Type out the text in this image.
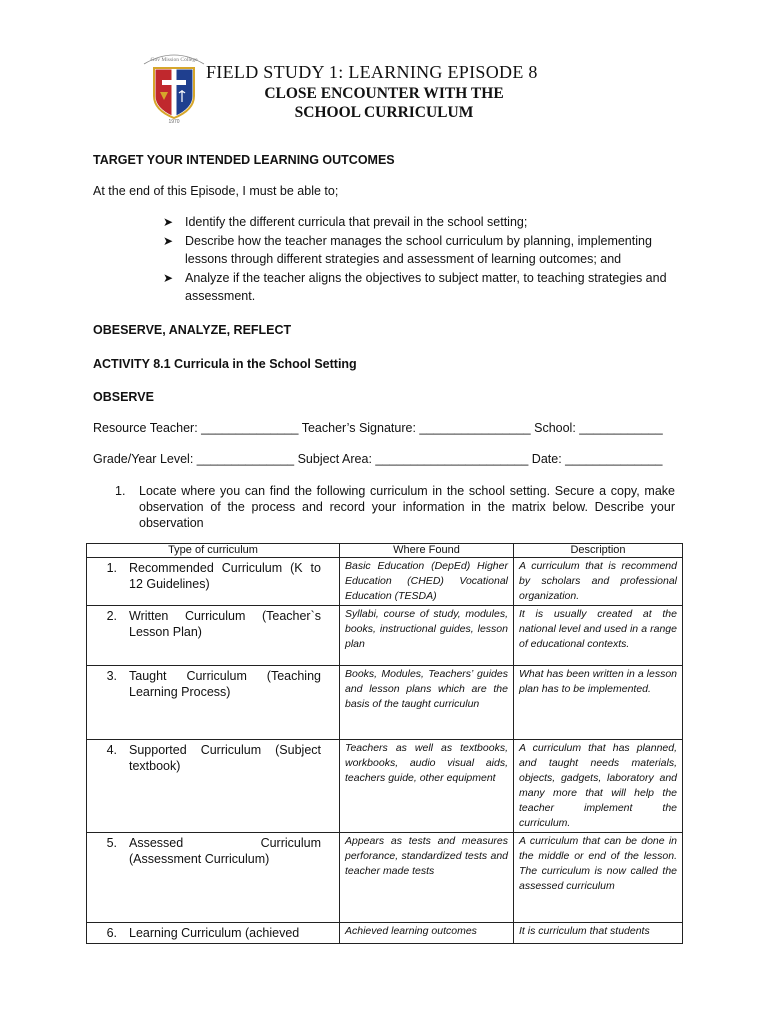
Gov Mission College
1970
FIELD STUDY 1: LEARNING EPISODE 8
CLOSE ENCOUNTER WITH THE
SCHOOL CURRICULUM
TARGET YOUR INTENDED LEARNING OUTCOMES
At the end of this Episode, I must be able to;
➤ Identify the different curricula that prevail in the school setting;
➤ Describe how the teacher manages the school curriculum by planning, implementing lessons through different strategies and assessment of learning outcomes; and
➤ Analyze if the teacher aligns the objectives to subject matter, to teaching strategies and assessment.
OBESERVE, ANALYZE, REFLECT
ACTIVITY 8.1 Curricula in the School Setting
OBSERVE
Resource Teacher: ______________ Teacher’s Signature: ________________ School: ____________
Grade/Year Level: ______________ Subject Area: ______________________ Date: ______________
1. Locate where you can find the following curriculum in the school setting. Secure a copy, make observation of the process and record your information in the matrix below. Describe your observation
Type of curriculum	Where Found	Description
1. Recommended Curriculum (K to 12 Guidelines)	Basic Education (DepEd) Higher Education (CHED) Vocational Education (TESDA)	A curriculum that is recommend by scholars and professional organization.
2. Written Curriculum (Teacher`s Lesson Plan)	Syllabi, course of study, modules, books, instructional guides, lesson plan	It is usually created at the national level and used in a range of educational contexts.
3. Taught Curriculum (Teaching Learning Process)	Books, Modules, Teachers’ guides and lesson plans which are the basis of the taught curriculun	What has been written in a lesson plan has to be implemented.
4. Supported Curriculum (Subject textbook)	Teachers as well as textbooks, workbooks, audio visual aids, teachers guide, other equipment	A curriculum that has planned, and taught needs materials, objects, gadgets, laboratory and many more that will help the teacher implement the curriculum.
5. Assessed Curriculum (Assessment Curriculum)	Appears as tests and measures perforance, standardized tests and teacher made tests	A curriculum that can be done in the middle or end of the lesson. The curriculum is now called the assessed curriculum
6. Learning Curriculum (achieved	Achieved learning outcomes	It is curriculum that students
